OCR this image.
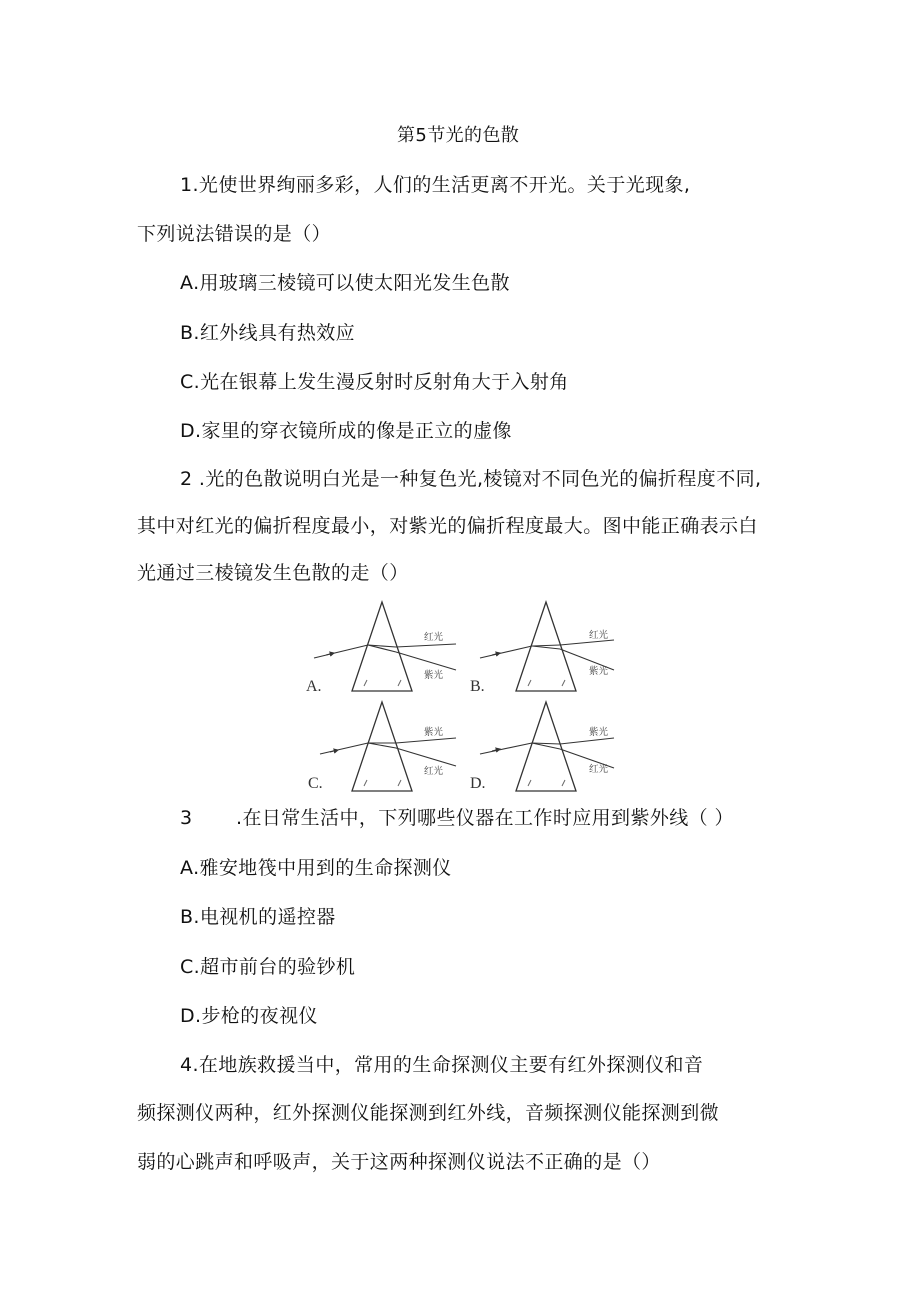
第5节光的色散
1.光使世界绚丽多彩，人们的生活更离不开光。关于光现象,
下列说法错误的是（）
A.用玻璃三棱镜可以使太阳光发生色散
B.红外线具有热效应
C.光在银幕上发生漫反射时反射角大于入射角
D.家里的穿衣镜所成的像是正立的虚像
2 .光的色散说明白光是一种复色光,棱镜对不同色光的偏折程度不同,
其中对红光的偏折程度最小，对紫光的偏折程度最大。图中能正确表示白
光通过三棱镜发生色散的走（）
红光
紫光
A.
红光
紫光
B.
紫光
红光
C.
紫光
红光
D.
3 .在日常生活中，下列哪些仪器在工作时应用到紫外线（ ）
A.雅安地筏中用到的生命探测仪
B.电视机的遥控器
C.超市前台的验钞机
D.步枪的夜视仪
4.在地族救援当中，常用的生命探测仪主要有红外探测仪和音
频探测仪两种，红外探测仪能探测到红外线，音频探测仪能探测到微
弱的心跳声和呼吸声，关于这两种探测仪说法不正确的是（）
